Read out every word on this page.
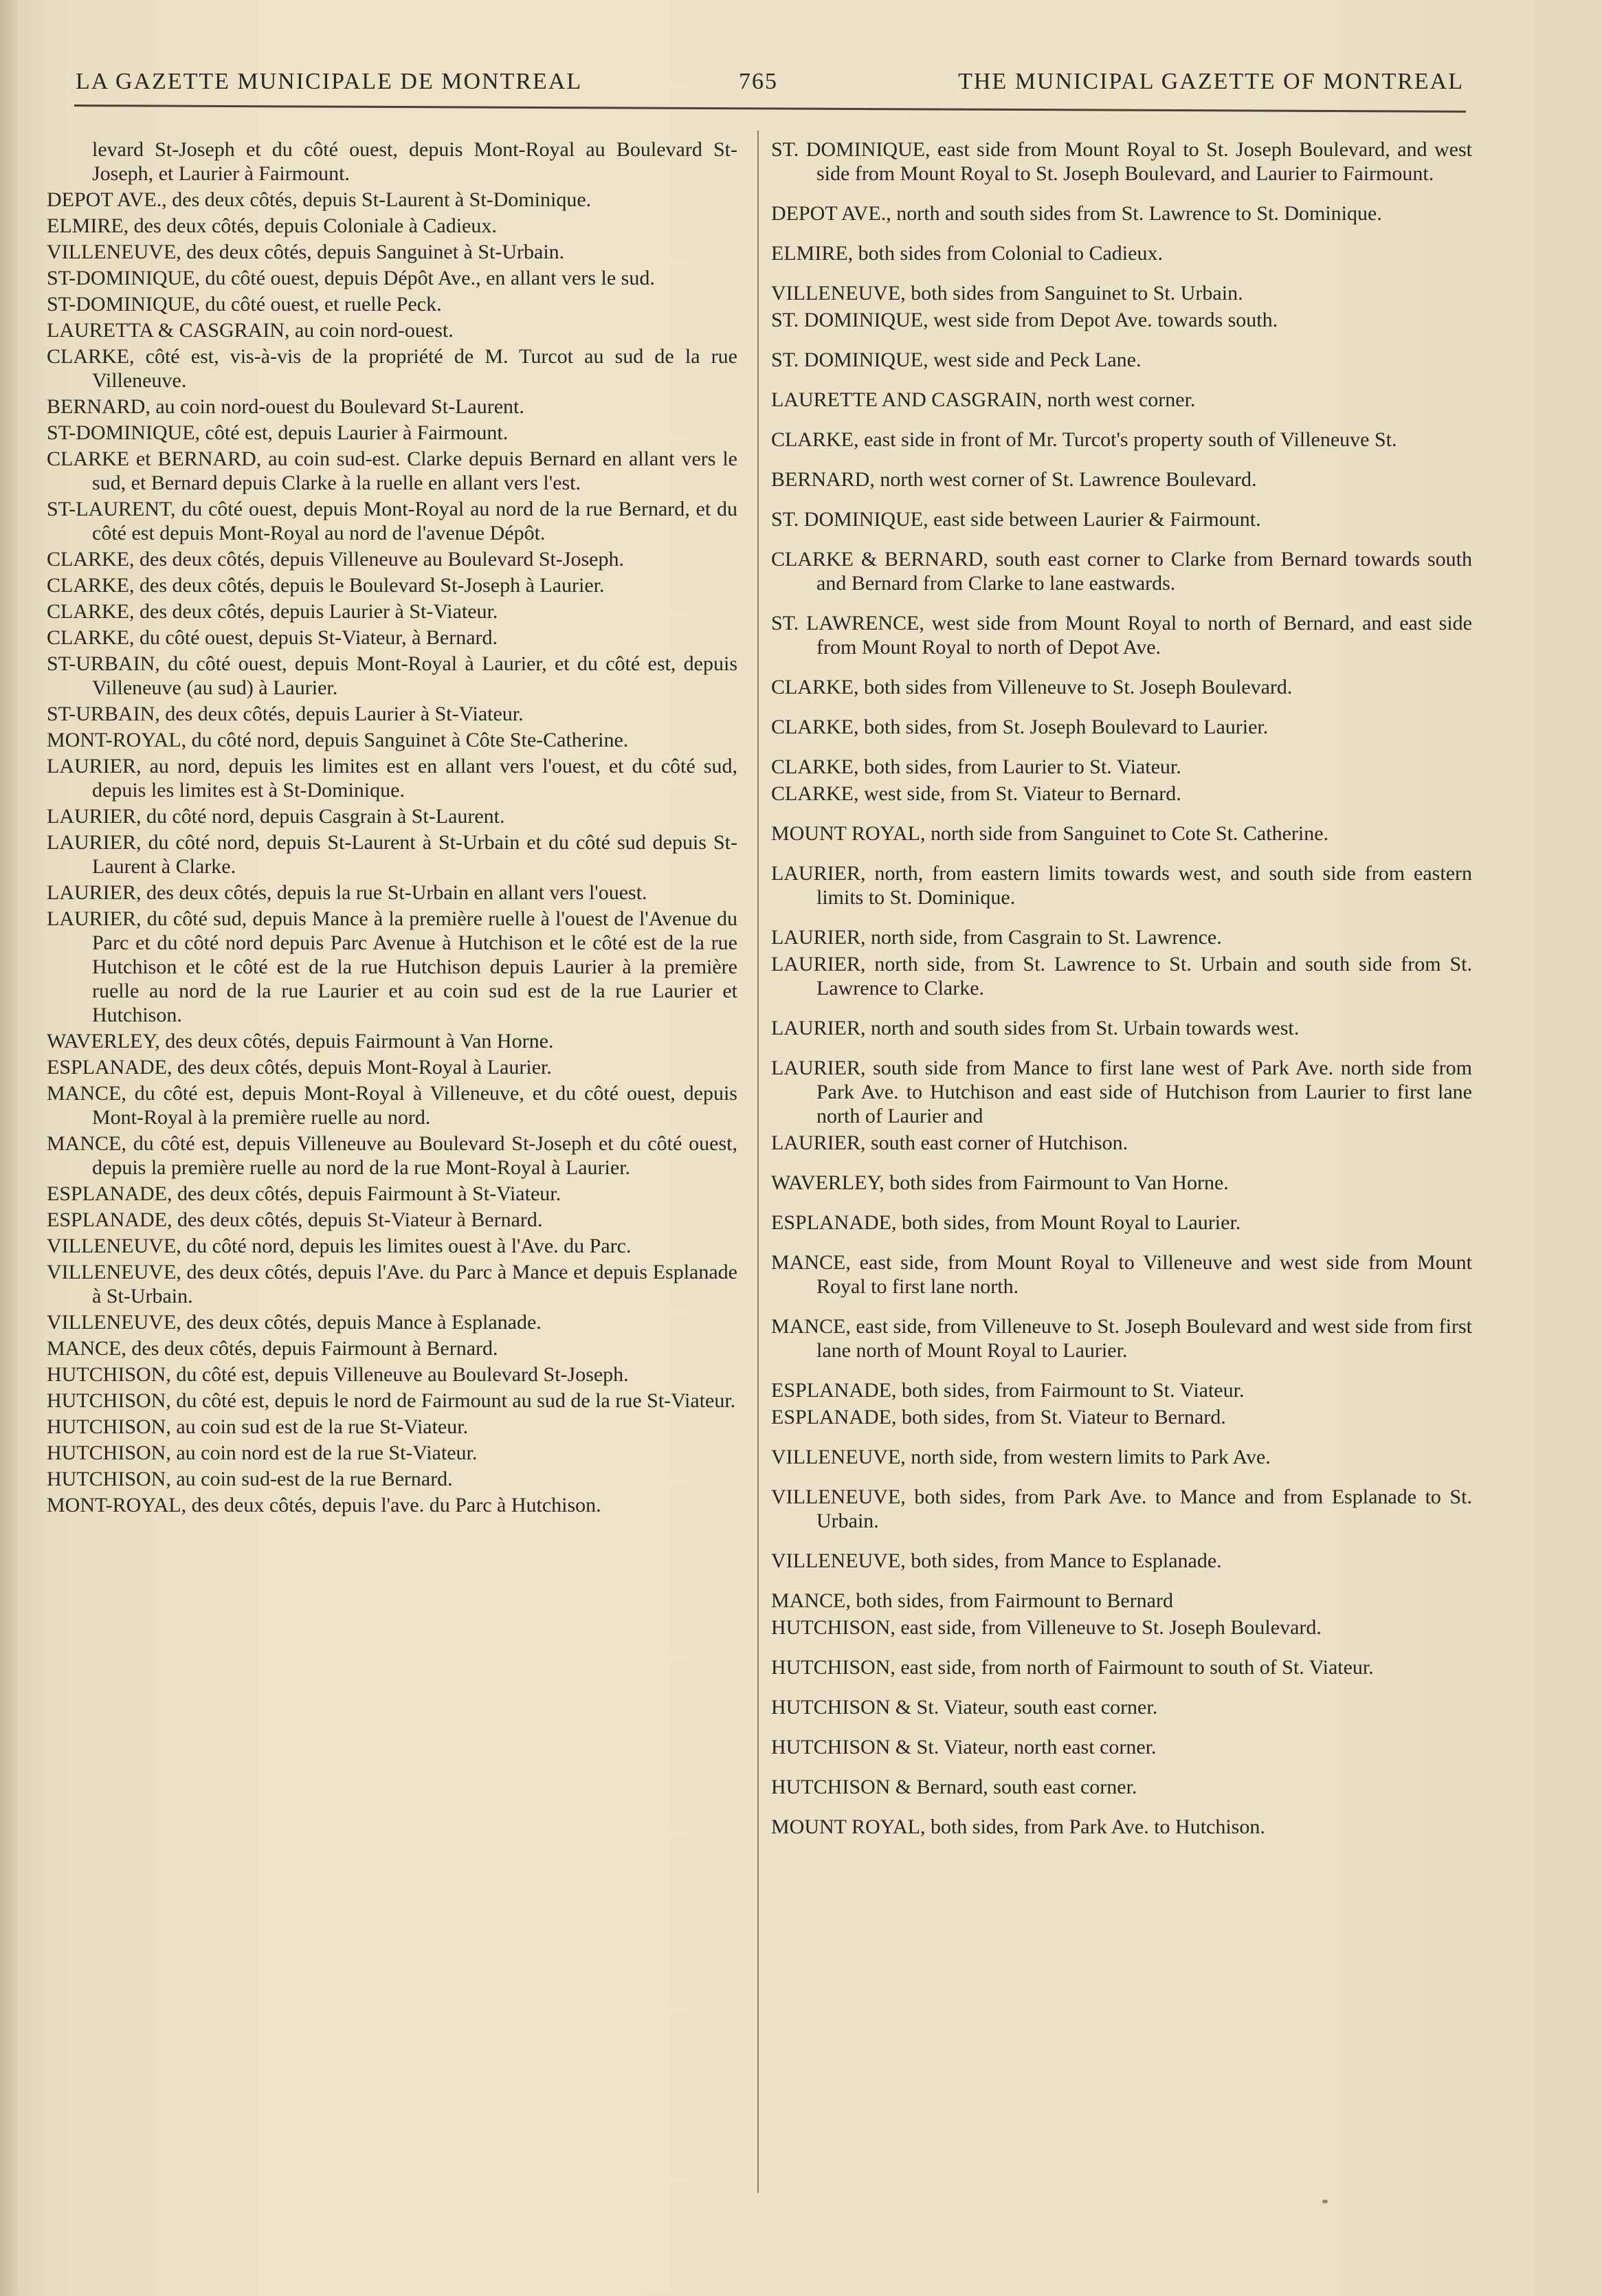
LA GAZETTE MUNICIPALE DE MONTREAL	765	THE MUNICIPAL GAZETTE OF MONTREAL

levard St-Joseph et du côté ouest, depuis Mont-Royal au Boulevard St-Joseph, et Laurier à Fairmount.

DEPOT AVE., des deux côtés, depuis St-Laurent à St-Dominique.

ELMIRE, des deux côtés, depuis Coloniale à Cadieux.

VILLENEUVE, des deux côtés, depuis Sanguinet à St-Urbain.

ST-DOMINIQUE, du côté ouest, depuis Dépôt Ave., en allant vers le sud.

ST-DOMINIQUE, du côté ouest, et ruelle Peck.

LAURETTA & CASGRAIN, au coin nord-ouest.

CLARKE, côté est, vis-à-vis de la propriété de M. Turcot au sud de la rue Villeneuve.

BERNARD, au coin nord-ouest du Boulevard St-Laurent.

ST-DOMINIQUE, côté est, depuis Laurier à Fairmount.

CLARKE et BERNARD, au coin sud-est. Clarke depuis Bernard en allant vers le sud, et Bernard depuis Clarke à la ruelle en allant vers l'est.

ST-LAURENT, du côté ouest, depuis Mont-Royal au nord de la rue Bernard, et du côté est depuis Mont-Royal au nord de l'avenue Dépôt.

CLARKE, des deux côtés, depuis Villeneuve au Boulevard St-Joseph.

CLARKE, des deux côtés, depuis le Boulevard St-Joseph à Laurier.

CLARKE, des deux côtés, depuis Laurier à St-Viateur.

CLARKE, du côté ouest, depuis St-Viateur, à Bernard.

ST-URBAIN, du côté ouest, depuis Mont-Royal à Laurier, et du côté est, depuis Villeneuve (au sud) à Laurier.

ST-URBAIN, des deux côtés, depuis Laurier à St-Viateur.

MONT-ROYAL, du côté nord, depuis Sanguinet à Côte Ste-Catherine.

LAURIER, au nord, depuis les limites est en allant vers l'ouest, et du côté sud, depuis les limites est à St-Dominique.

LAURIER, du côté nord, depuis Casgrain à St-Laurent.

LAURIER, du côté nord, depuis St-Laurent à St-Urbain et du côté sud depuis St-Laurent à Clarke.

LAURIER, des deux côtés, depuis la rue St-Urbain en allant vers l'ouest.

LAURIER, du côté sud, depuis Mance à la première ruelle à l'ouest de l'Avenue du Parc et du côté nord depuis Parc Avenue à Hutchison et le côté est de la rue Hutchison et le côté est de la rue Hutchison depuis Laurier à la première ruelle au nord de la rue Laurier et au coin sud est de la rue Laurier et Hutchison.

WAVERLEY, des deux côtés, depuis Fairmount à Van Horne.

ESPLANADE, des deux côtés, depuis Mont-Royal à Laurier.

MANCE, du côté est, depuis Mont-Royal à Villeneuve, et du côté ouest, depuis Mont-Royal à la première ruelle au nord.

MANCE, du côté est, depuis Villeneuve au Boulevard St-Joseph et du côté ouest, depuis la première ruelle au nord de la rue Mont-Royal à Laurier.

ESPLANADE, des deux côtés, depuis Fairmount à St-Viateur.

ESPLANADE, des deux côtés, depuis St-Viateur à Bernard.

VILLENEUVE, du côté nord, depuis les limites ouest à l'Ave. du Parc.

VILLENEUVE, des deux côtés, depuis l'Ave. du Parc à Mance et depuis Esplanade à St-Urbain.

VILLENEUVE, des deux côtés, depuis Mance à Esplanade.

MANCE, des deux côtés, depuis Fairmount à Bernard.

HUTCHISON, du côté est, depuis Villeneuve au Boulevard St-Joseph.

HUTCHISON, du côté est, depuis le nord de Fairmount au sud de la rue St-Viateur.

HUTCHISON, au coin sud est de la rue St-Viateur.

HUTCHISON, au coin nord est de la rue St-Viateur.

HUTCHISON, au coin sud-est de la rue Bernard.

MONT-ROYAL, des deux côtés, depuis l'ave. du Parc à Hutchison.

ST. DOMINIQUE, east side from Mount Royal to St. Joseph Boulevard, and west side from Mount Royal to St. Joseph Boulevard, and Laurier to Fairmount.

DEPOT AVE., north and south sides from St. Lawrence to St. Dominique.

ELMIRE, both sides from Colonial to Cadieux.

VILLENEUVE, both sides from Sanguinet to St. Urbain.

ST. DOMINIQUE, west side from Depot Ave. towards south.

ST. DOMINIQUE, west side and Peck Lane.

LAURETTE AND CASGRAIN, north west corner.

CLARKE, east side in front of Mr. Turcot's property south of Villeneuve St.

BERNARD, north west corner of St. Lawrence Boulevard.

ST. DOMINIQUE, east side between Laurier & Fairmount.

CLARKE & BERNARD, south east corner to Clarke from Bernard towards south and Bernard from Clarke to lane eastwards.

ST. LAWRENCE, west side from Mount Royal to north of Bernard, and east side from Mount Royal to north of Depot Ave.

CLARKE, both sides from Villeneuve to St. Joseph Boulevard.

CLARKE, both sides, from St. Joseph Boulevard to Laurier.

CLARKE, both sides, from Laurier to St. Viateur.

CLARKE, west side, from St. Viateur to Bernard.

MOUNT ROYAL, north side from Sanguinet to Cote St. Catherine.

LAURIER, north, from eastern limits towards west, and south side from eastern limits to St. Dominique.

LAURIER, north side, from Casgrain to St. Lawrence.

LAURIER, north side, from St. Lawrence to St. Urbain and south side from St. Lawrence to Clarke.

LAURIER, north and south sides from St. Urbain towards west.

LAURIER, south side from Mance to first lane west of Park Ave. north side from Park Ave. to Hutchison and east side of Hutchison from Laurier to first lane north of Laurier and

LAURIER, south east corner of Hutchison.

WAVERLEY, both sides from Fairmount to Van Horne.

ESPLANADE, both sides, from Mount Royal to Laurier.

MANCE, east side, from Mount Royal to Villeneuve and west side from Mount Royal to first lane north.

MANCE, east side, from Villeneuve to St. Joseph Boulevard and west side from first lane north of Mount Royal to Laurier.

ESPLANADE, both sides, from Fairmount to St. Viateur.

ESPLANADE, both sides, from St. Viateur to Bernard.

VILLENEUVE, north side, from western limits to Park Ave.

VILLENEUVE, both sides, from Park Ave. to Mance and from Esplanade to St. Urbain.

VILLENEUVE, both sides, from Mance to Esplanade.

MANCE, both sides, from Fairmount to Bernard

HUTCHISON, east side, from Villeneuve to St. Joseph Boulevard.

HUTCHISON, east side, from north of Fairmount to south of St. Viateur.

HUTCHISON & St. Viateur, south east corner.

HUTCHISON & St. Viateur, north east corner.

HUTCHISON & Bernard, south east corner.

MOUNT ROYAL, both sides, from Park Ave. to Hutchison.
